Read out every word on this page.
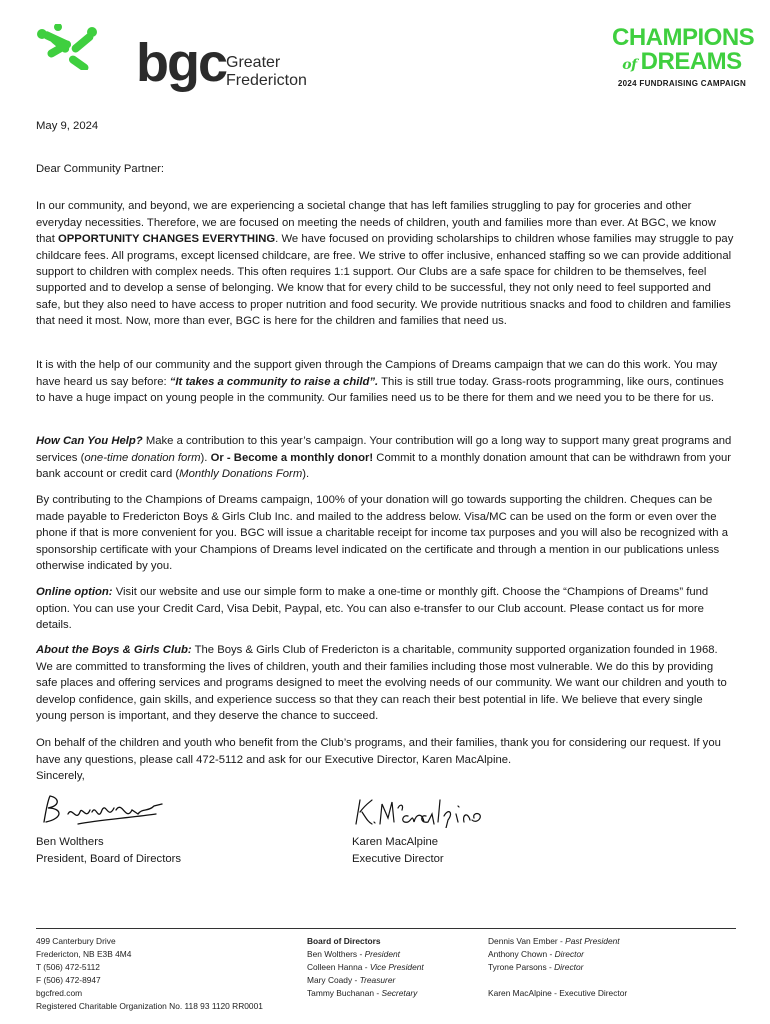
bgc Greater
Fredericton
CHAMPIONS
of DREAMS
2024 FUNDRAISING CAMPAIGN
May 9, 2024
Dear Community Partner:

In our community, and beyond, we are experiencing a societal change that has left families struggling to pay for groceries and other everyday necessities. Therefore, we are focused on meeting the needs of children, youth and families more than ever. At BGC, we know that OPPORTUNITY CHANGES EVERYTHING. We have focused on providing scholarships to children whose families may struggle to pay childcare fees. All programs, except licensed childcare, are free. We strive to offer inclusive, enhanced staffing so we can provide additional support to children with complex needs. This often requires 1:1 support. Our Clubs are a safe space for children to be themselves, feel supported and to develop a sense of belonging. We know that for every child to be successful, they not only need to feel supported and safe, but they also need to have access to proper nutrition and food security. We provide nutritious snacks and food to children and families that need it most. Now, more than ever, BGC is here for the children and families that need us.

It is with the help of our community and the support given through the Campions of Dreams campaign that we can do this work. You may have heard us say before: “It takes a community to raise a child”. This is still true today. Grass-roots programming, like ours, continues to have a huge impact on young people in the community. Our families need us to be there for them and we need you to be there for us.

How Can You Help? Make a contribution to this year’s campaign. Your contribution will go a long way to support many great programs and services (one-time donation form). Or - Become a monthly donor! Commit to a monthly donation amount that can be withdrawn from your bank account or credit card (Monthly Donations Form).

By contributing to the Champions of Dreams campaign, 100% of your donation will go towards supporting the children. Cheques can be made payable to Fredericton Boys & Girls Club Inc. and mailed to the address below. Visa/MC can be used on the form or even over the phone if that is more convenient for you. BGC will issue a charitable receipt for income tax purposes and you will also be recognized with a sponsorship certificate with your Champions of Dreams level indicated on the certificate and through a mention in our publications unless otherwise indicated by you.

Online option: Visit our website and use our simple form to make a one-time or monthly gift. Choose the “Champions of Dreams” fund option. You can use your Credit Card, Visa Debit, Paypal, etc. You can also e-transfer to our Club account. Please contact us for more details.

About the Boys & Girls Club: The Boys & Girls Club of Fredericton is a charitable, community supported organization founded in 1968. We are committed to transforming the lives of children, youth and their families including those most vulnerable. We do this by providing safe places and offering services and programs designed to meet the evolving needs of our community. We want our children and youth to develop confidence, gain skills, and experience success so that they can reach their best potential in life. We believe that every single young person is important, and they deserve the chance to succeed.

On behalf of the children and youth who benefit from the Club’s programs, and their families, thank you for considering our request. If you have any questions, please call 472-5112 and ask for our Executive Director, Karen MacAlpine.

Sincerely,
Ben Wolthers
President, Board of Directors
Karen MacAlpine
Executive Director
499 Canterbury Drive
Fredericton, NB E3B 4M4
T (506) 472-5112
F (506) 472-8947
bgcfred.com
Registered Charitable Organization No. 118 93 1120 RR0001
Board of Directors
Ben Wolthers - President
Colleen Hanna - Vice President
Mary Coady - Treasurer
Tammy Buchanan - Secretary
Dennis Van Ember - Past President
Anthony Chown - Director
Tyrone Parsons - Director
Karen MacAlpine - Executive Director
